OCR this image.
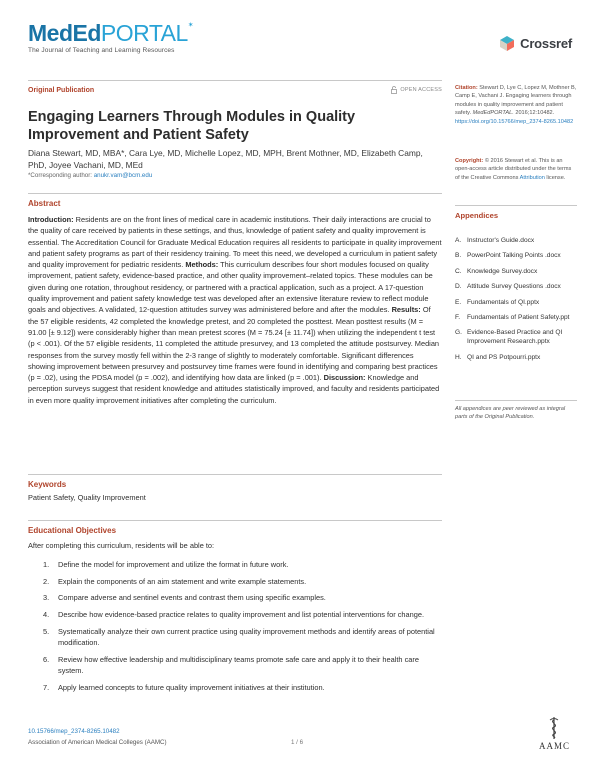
MedEdPORTAL✶
The Journal of Teaching and Learning Resources	Crossref
Original Publication	OPEN ACCESS
Engaging Learners Through Modules in Quality Improvement and Patient Safety
Diana Stewart, MD, MBA*, Cara Lye, MD, Michelle Lopez, MD, MPH, Brent Mothner, MD, Elizabeth Camp, PhD, Joyee Vachani, MD, MEd
*Corresponding author: anukr.vam@bcm.edu
Abstract
Introduction: Residents are on the front lines of medical care in academic institutions. Their daily interactions are crucial to the quality of care received by patients in these settings, and thus, knowledge of patient safety and quality improvement is essential. The Accreditation Council for Graduate Medical Education requires all residents to participate in quality improvement and patient safety programs as part of their residency training. To meet this need, we developed a curriculum in patient safety and quality improvement for pediatric residents. Methods: This curriculum describes four short modules focused on quality improvement, patient safety, evidence-based practice, and other quality improvement–related topics. These modules can be given during one rotation, throughout residency, or partnered with a practical application, such as a project. A 17-question quality improvement and patient safety knowledge test was developed after an extensive literature review to reflect module goals and objectives. A validated, 12-question attitudes survey was administered before and after the modules. Results: Of the 57 eligible residents, 42 completed the knowledge pretest, and 20 completed the posttest. Mean posttest results (M = 91.00 [± 9.12]) were considerably higher than mean pretest scores (M = 75.24 [± 11.74]) when utilizing the independent t test (p < .001). Of the 57 eligible residents, 11 completed the attitude presurvey, and 13 completed the attitude postsurvey. Median responses from the survey mostly fell within the 2-3 range of slightly to moderately comfortable. Significant differences showing improvement between presurvey and postsurvey time frames were found in identifying and comparing best practices (p = .02), using the PDSA model (p = .002), and identifying how data are linked (p = .001). Discussion: Knowledge and perception surveys suggest that resident knowledge and attitudes statistically improved, and faculty and residents participated in even more quality improvement initiatives after completing the curriculum.
Keywords
Patient Safety, Quality Improvement
Educational Objectives
After completing this curriculum, residents will be able to:
1.	Define the model for improvement and utilize the format in future work.
2.	Explain the components of an aim statement and write example statements.
3.	Compare adverse and sentinel events and contrast them using specific examples.
4.	Describe how evidence-based practice relates to quality improvement and list potential interventions for change.
5.	Systematically analyze their own current practice using quality improvement methods and identify areas of potential modification.
6.	Review how effective leadership and multidisciplinary teams promote safe care and apply it to their health care system.
7.	Apply learned concepts to future quality improvement initiatives at their institution.
10.15766/mep_2374-8265.10482
Association of American Medical Colleges (AAMC)	1 / 6	AAMC
Citation: Stewart D, Lye C, Lopez M, Mothner B, Camp E, Vachani J. Engaging learners through modules in quality improvement and patient safety. MedEdPORTAL. 2016;12:10482. https://doi.org/10.15766/mep_2374-8265.10482
Copyright: © 2016 Stewart et al. This is an open-access article distributed under the terms of the Creative Commons Attribution license.
Appendices
A. Instructor's Guide.docx
B. PowerPoint Talking Points .docx
C. Knowledge Survey.docx
D. Attitude Survey Questions .docx
E. Fundamentals of QI.pptx
F.	Fundamentals of Patient Safety.ppt
G. Evidence-Based Practice and QI Improvement Research.pptx
H. QI and PS Potpourri.pptx
All appendices are peer reviewed as integral parts of the Original Publication.
